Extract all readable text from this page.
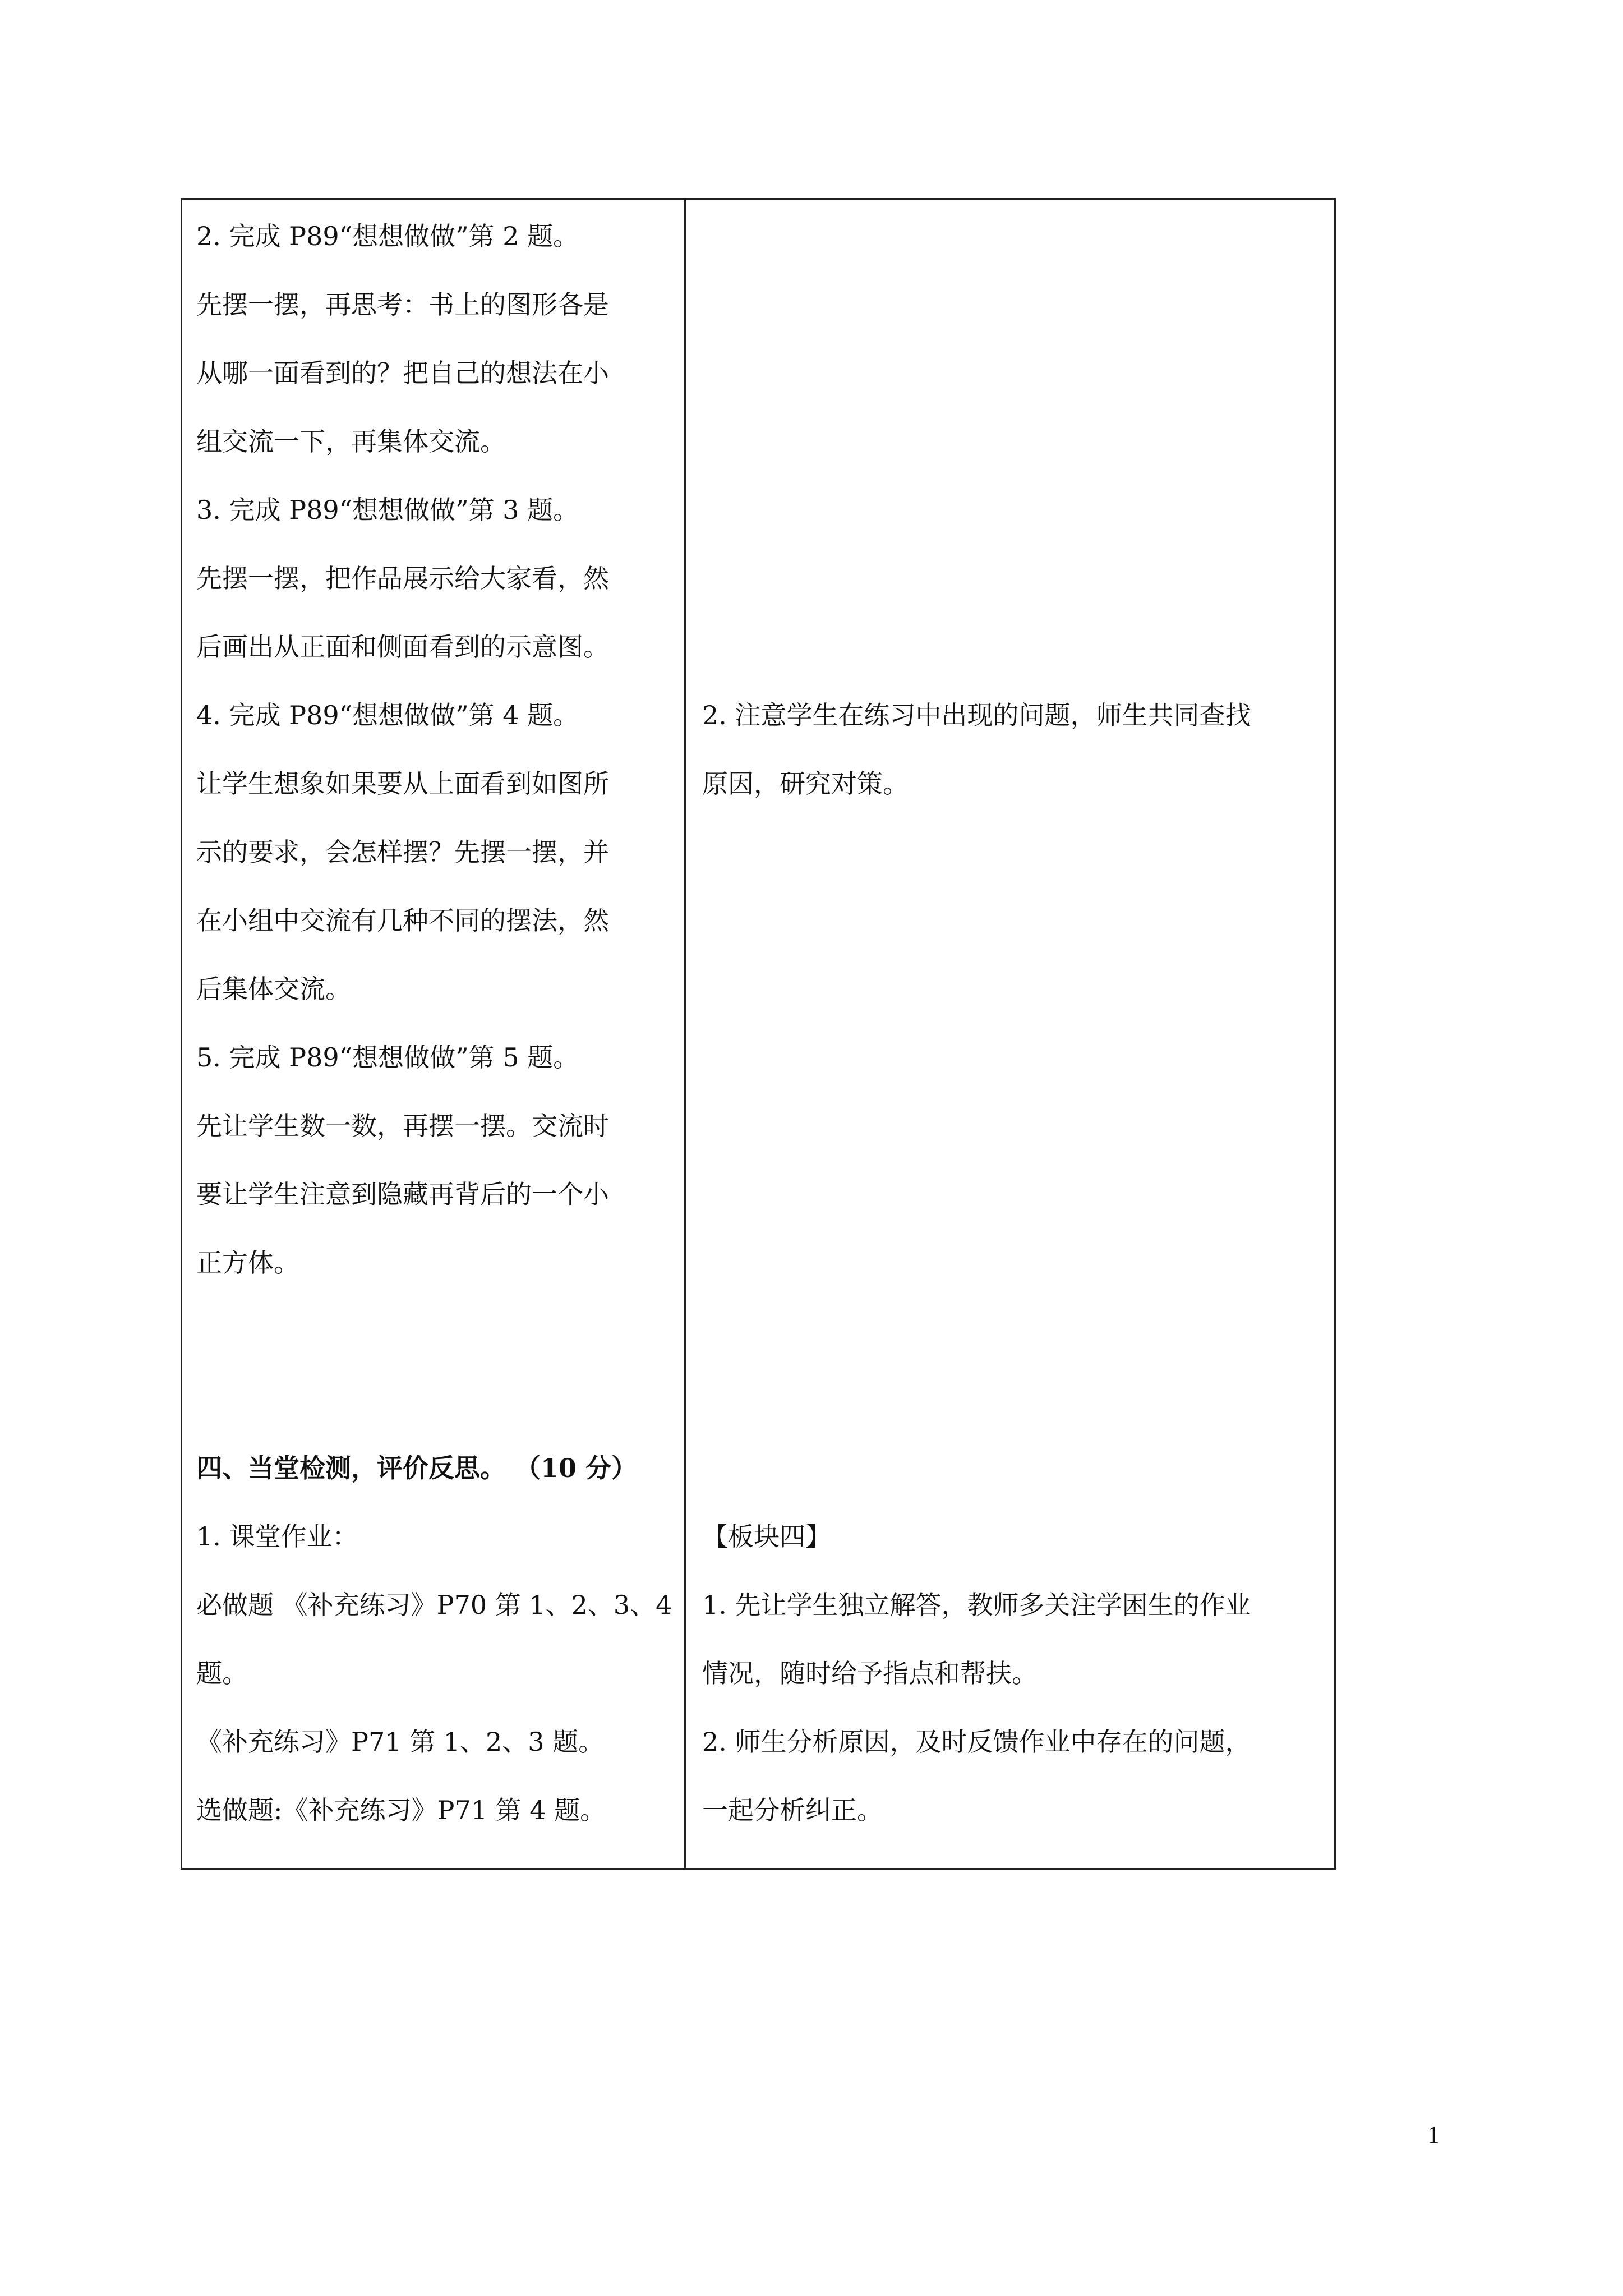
2. 完成 P89“想想做做”第 2 题。
先摆一摆，再思考：书上的图形各是
从哪一面看到的？把自己的想法在小
组交流一下，再集体交流。
3. 完成 P89“想想做做”第 3 题。
先摆一摆，把作品展示给大家看，然
后画出从正面和侧面看到的示意图。
4. 完成 P89“想想做做”第 4 题。
让学生想象如果要从上面看到如图所
示的要求，会怎样摆？先摆一摆，并
在小组中交流有几种不同的摆法，然
后集体交流。
5. 完成 P89“想想做做”第 5 题。
先让学生数一数，再摆一摆。交流时
要让学生注意到隐藏再背后的一个小
正方体。
四、当堂检测，评价反思。 （10 分）
1. 课堂作业：
必做题 《补充练习》P70 第 1、2、3、4
题。
《补充练习》P71 第 1、2、3 题。
选做题:《补充练习》P71 第 4 题。
2. 注意学生在练习中出现的问题，师生共同查找
原因，研究对策。
【板块四】
1. 先让学生独立解答，教师多关注学困生的作业
情况，随时给予指点和帮扶。
2. 师生分析原因，及时反馈作业中存在的问题，
一起分析纠正。
1
